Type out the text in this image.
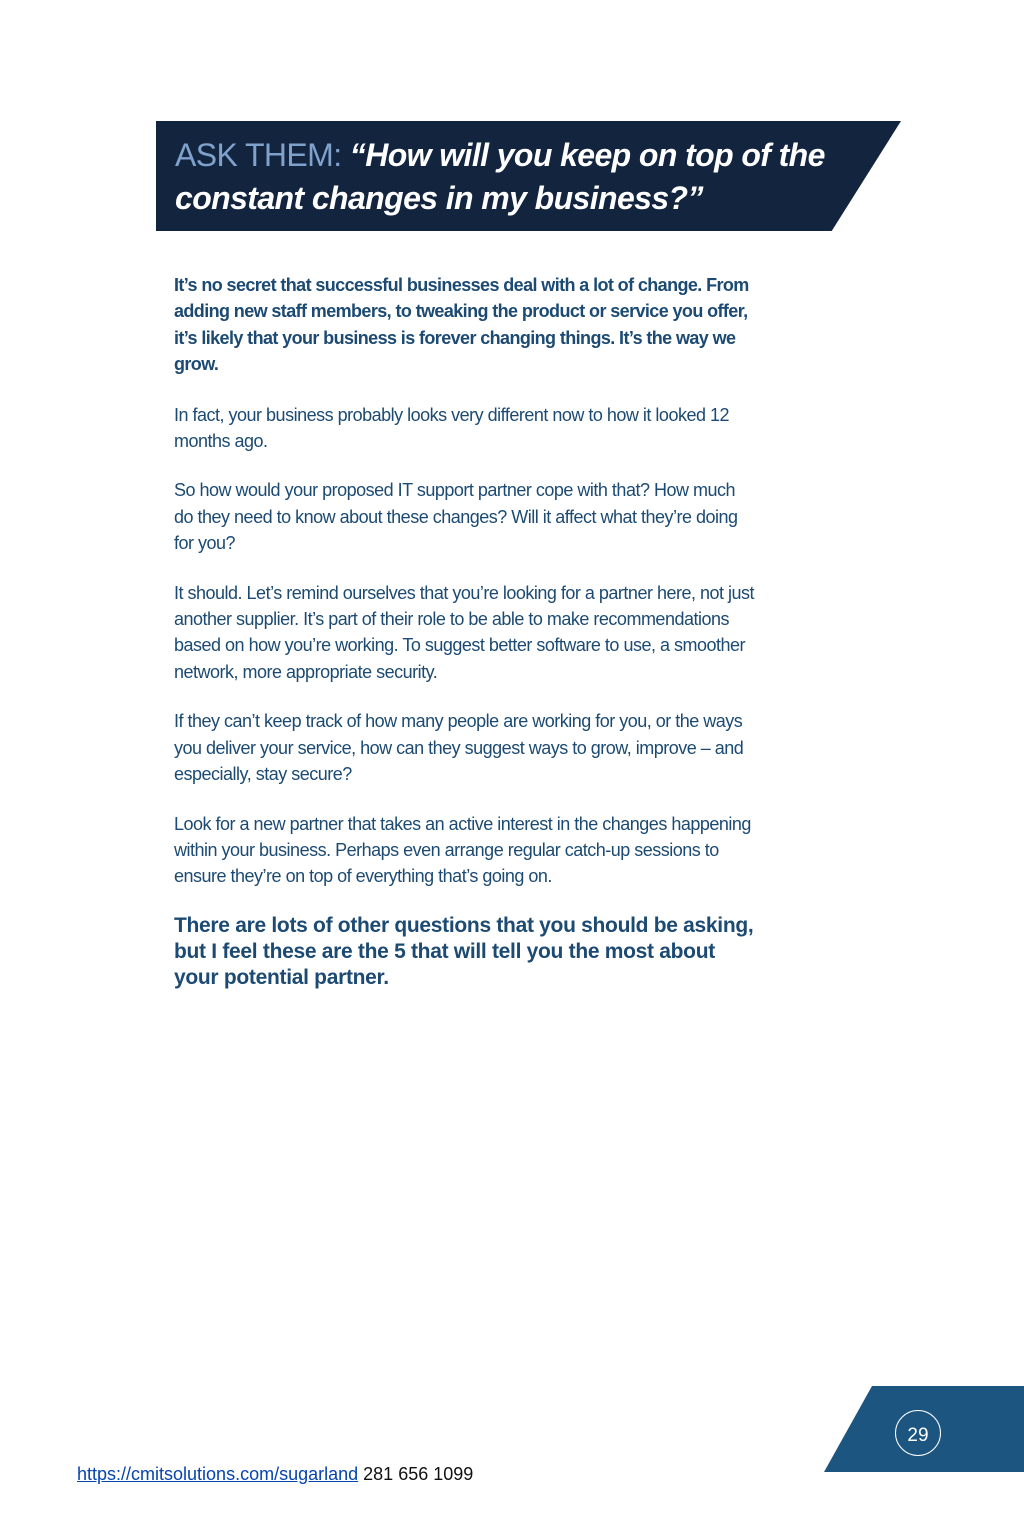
ASK THEM: “How will you keep on top of the constant changes in my business?”

It’s no secret that successful businesses deal with a lot of change. From adding new staff members, to tweaking the product or service you offer, it’s likely that your business is forever changing things. It’s the way we grow.

In fact, your business probably looks very different now to how it looked 12 months ago.

So how would your proposed IT support partner cope with that? How much do they need to know about these changes? Will it affect what they’re doing for you?

It should. Let’s remind ourselves that you’re looking for a partner here, not just another supplier. It’s part of their role to be able to make recommendations based on how you’re working. To suggest better software to use, a smoother network, more appropriate security.

If they can’t keep track of how many people are working for you, or the ways you deliver your service, how can they suggest ways to grow, improve – and especially, stay secure?

Look for a new partner that takes an active interest in the changes happening within your business. Perhaps even arrange regular catch-up sessions to ensure they’re on top of everything that’s going on.

There are lots of other questions that you should be asking, but I feel these are the 5 that will tell you the most about your potential partner.

29
https://cmitsolutions.com/sugarland 281 656 1099
